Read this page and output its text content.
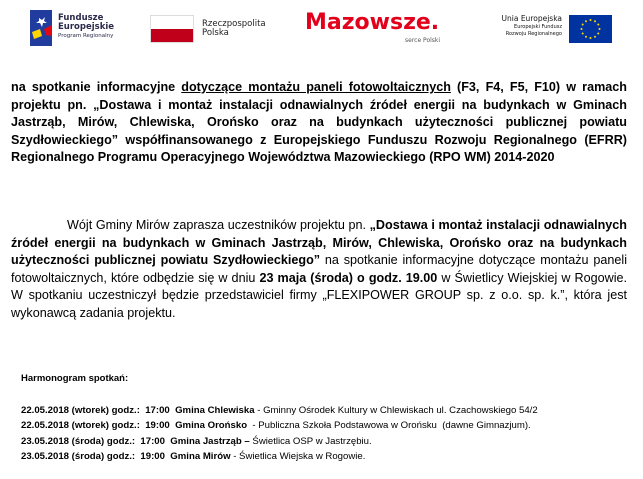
Fundusze
Europejskie
Program Regionalny
Rzeczpospolita
Polska	Mazowsze.
serce Polski
Unia Europejska
Europejski Fundusz
Rozwoju Regionalnego
na spotkanie informacyjne dotyczące montażu paneli fotowoltaicznych (F3, F4, F5, F10) w ramach projektu pn. „Dostawa i montaż instalacji odnawialnych źródeł energii na budynkach w Gminach Jastrząb, Mirów, Chlewiska, Orońsko oraz na budynkach użyteczności publicznej powiatu Szydłowieckiego” współfinansowanego z Europejskiego Funduszu Rozwoju Regionalnego (EFRR) Regionalnego Programu Operacyjnego Województwa Mazowieckiego (RPO WM) 2014-2020
Wójt Gminy Mirów zaprasza uczestników projektu pn. „Dostawa i montaż instalacji odnawialnych źródeł energii na budynkach w Gminach Jastrząb, Mirów, Chlewiska, Orońsko oraz na budynkach użyteczności publicznej powiatu Szydłowieckiego” na spotkanie informacyjne dotyczące montażu paneli fotowoltaicznych, które odbędzie się w dniu 23 maja (środa) o godz. 19.00 w Świetlicy Wiejskiej w Rogowie. W spotkaniu uczestniczył będzie przedstawiciel firmy „FLEXIPOWER GROUP sp. z o.o. sp. k.”, która jest wykonawcą zadania projektu.
Harmonogram spotkań:
22.05.2018 (wtorek) godz.:  17:00  Gmina Chlewiska - Gminny Ośrodek Kultury w Chlewiskach ul. Czachowskiego 54/2
22.05.2018 (wtorek) godz.:  19:00  Gmina Orońsko  - Publiczna Szkoła Podstawowa w Orońsku  (dawne Gimnazjum).
23.05.2018 (środa) godz.:  17:00  Gmina Jastrząb – Świetlica OSP w Jastrzębiu.
23.05.2018 (środa) godz.:  19:00  Gmina Mirów - Świetlica Wiejska w Rogowie.
